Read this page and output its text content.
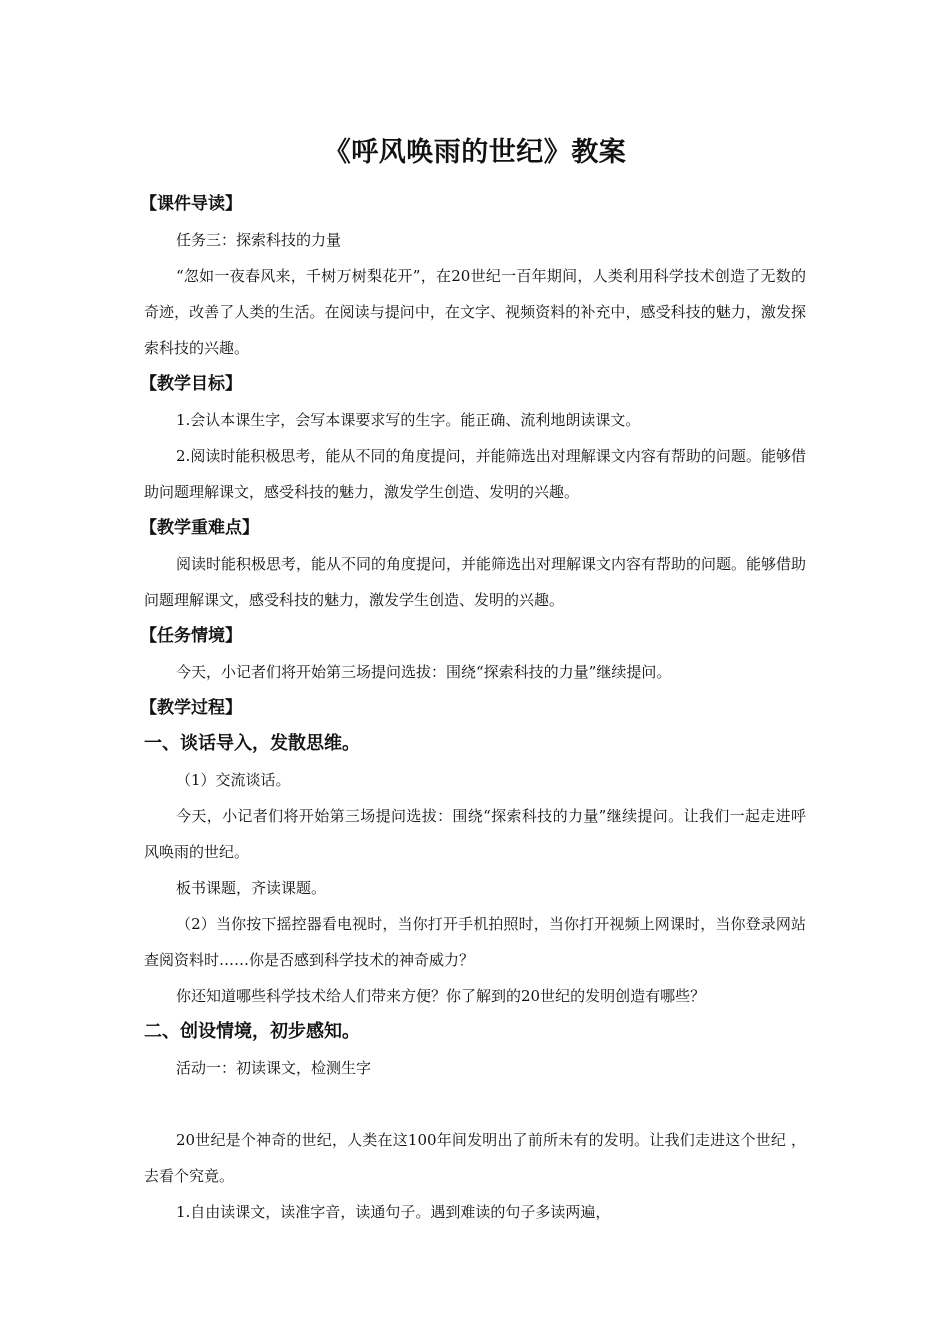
《呼风唤雨的世纪》教案
【课件导读】

任务三：探索科技的力量

“忽如一夜春风来，千树万树梨花开”，在20世纪一百年期间，人类利用科学技术创造了无数的奇迹，改善了人类的生活。在阅读与提问中，在文字、视频资料的补充中，感受科技的魅力，激发探索科技的兴趣。

【教学目标】

1.会认本课生字，会写本课要求写的生字。能正确、流利地朗读课文。

2.阅读时能积极思考，能从不同的角度提问，并能筛选出对理解课文内容有帮助的问题。能够借助问题理解课文，感受科技的魅力，激发学生创造、发明的兴趣。

【教学重难点】

阅读时能积极思考，能从不同的角度提问，并能筛选出对理解课文内容有帮助的问题。能够借助问题理解课文，感受科技的魅力，激发学生创造、发明的兴趣。

【任务情境】

今天，小记者们将开始第三场提问选拔：围绕“探索科技的力量”继续提问。

【教学过程】
一、谈话导入，发散思维。

（1）交流谈话。

今天，小记者们将开始第三场提问选拔：围绕“探索科技的力量”继续提问。让我们一起走进呼风唤雨的世纪。

板书课题，齐读课题。

（2）当你按下摇控器看电视时，当你打开手机拍照时，当你打开视频上网课时，当你登录网站查阅资料时……你是否感到科学技术的神奇威力？

你还知道哪些科学技术给人们带来方便？你了解到的20世纪的发明创造有哪些？

二、创设情境，初步感知。

活动一：初读课文，检测生字

20世纪是个神奇的世纪，人类在这100年间发明出了前所未有的发明。让我们走进这个世纪 ，去看个究竟。

1.自由读课文，读准字音，读通句子。遇到难读的句子多读两遍，
